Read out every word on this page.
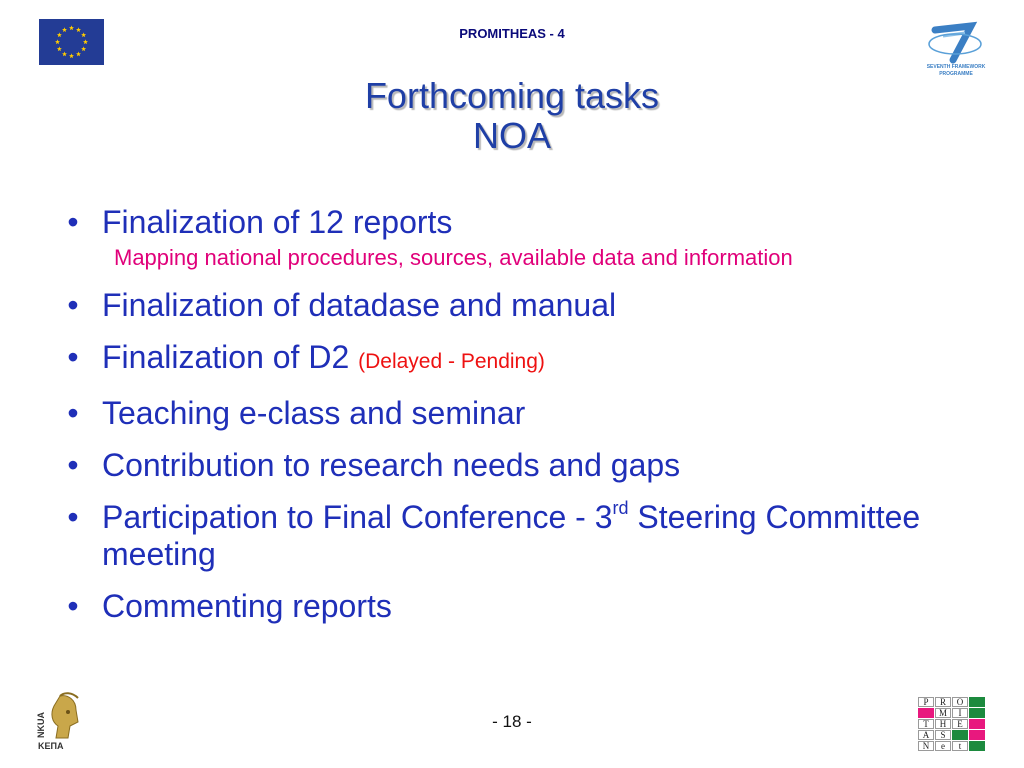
PROMITHEAS - 4
SEVENTH FRAMEWORK
PROGRAMME
Forthcoming tasks
NOA
• Finalization of 12 reports
Mapping national procedures, sources, available data and information
• Finalization of datadase and manual
• Finalization of D2 (Delayed - Pending)
• Teaching e-class and seminar
• Contribution to research needs and gaps
• Participation to Final Conference - 3rd Steering Committee meeting
• Commenting reports
NKUA
ΚΕΠΑ
- 18 -
P	R	O
M	I
T	H	E
A	S
N	e	t
